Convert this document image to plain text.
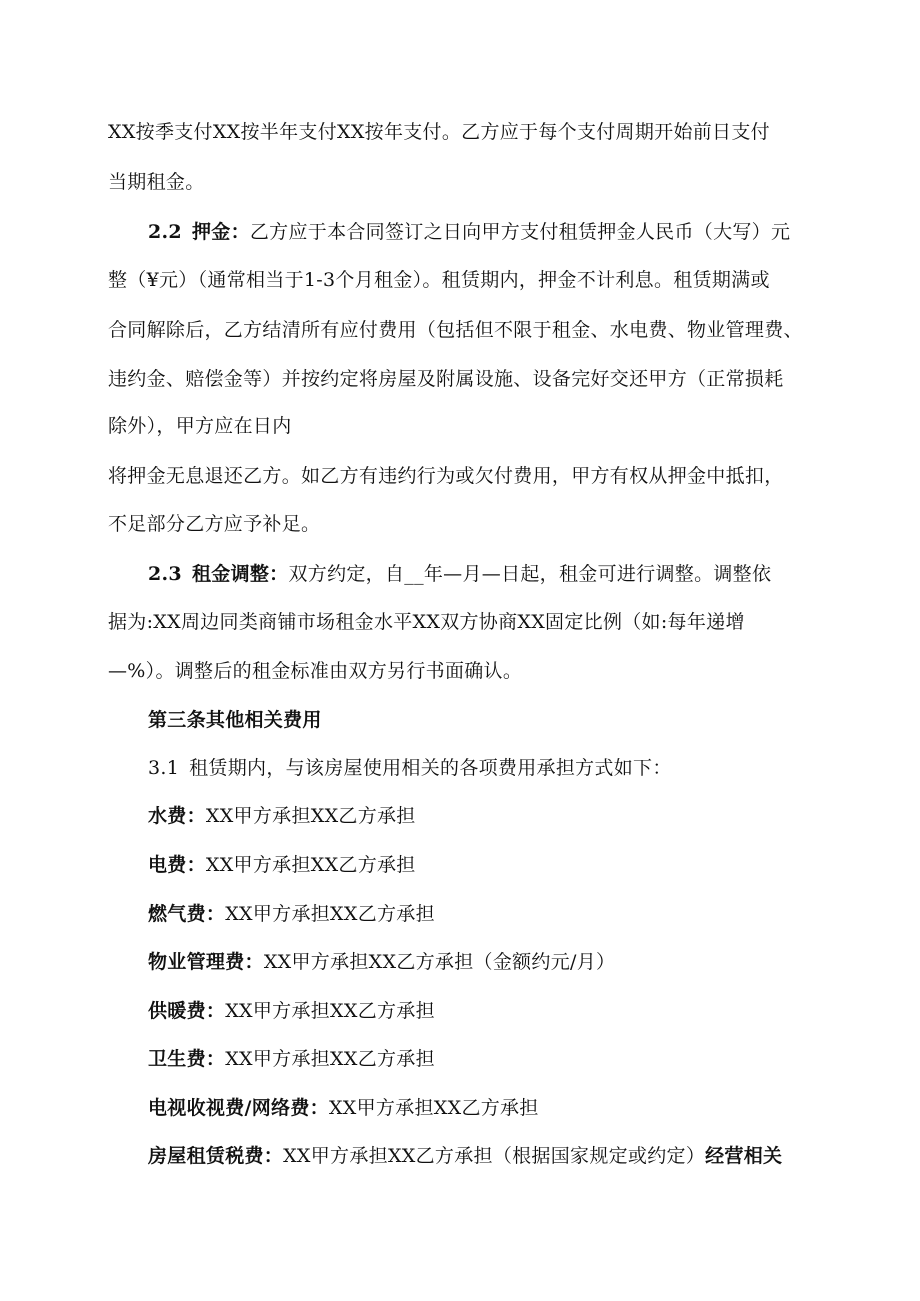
XX按季支付XX按半年支付XX按年支付。乙方应于每个支付周期开始前日支付
当期租金。
2.2 押金：乙方应于本合同签订之日向甲方支付租赁押金人民币（大写）元
整（¥元）（通常相当于1-3个月租金）。租赁期内，押金不计利息。租赁期满或
合同解除后，乙方结清所有应付费用（包括但不限于租金、水电费、物业管理费、
违约金、赔偿金等）并按约定将房屋及附属设施、设备完好交还甲方（正常损耗
除外），甲方应在日内
将押金无息退还乙方。如乙方有违约行为或欠付费用，甲方有权从押金中抵扣，
不足部分乙方应予补足。
2.3 租金调整：双方约定，自__年—月—日起，租金可进行调整。调整依
据为:XX周边同类商铺市场租金水平XX双方协商XX固定比例（如:每年递增
—%）。调整后的租金标准由双方另行书面确认。
第三条其他相关费用
3.1 租赁期内，与该房屋使用相关的各项费用承担方式如下：
水费：XX甲方承担XX乙方承担
电费：XX甲方承担XX乙方承担
燃气费：XX甲方承担XX乙方承担
物业管理费：XX甲方承担XX乙方承担（金额约元/月）
供暖费：XX甲方承担XX乙方承担
卫生费：XX甲方承担XX乙方承担
电视收视费/网络费：XX甲方承担XX乙方承担
房屋租赁税费：XX甲方承担XX乙方承担（根据国家规定或约定）经营相关
